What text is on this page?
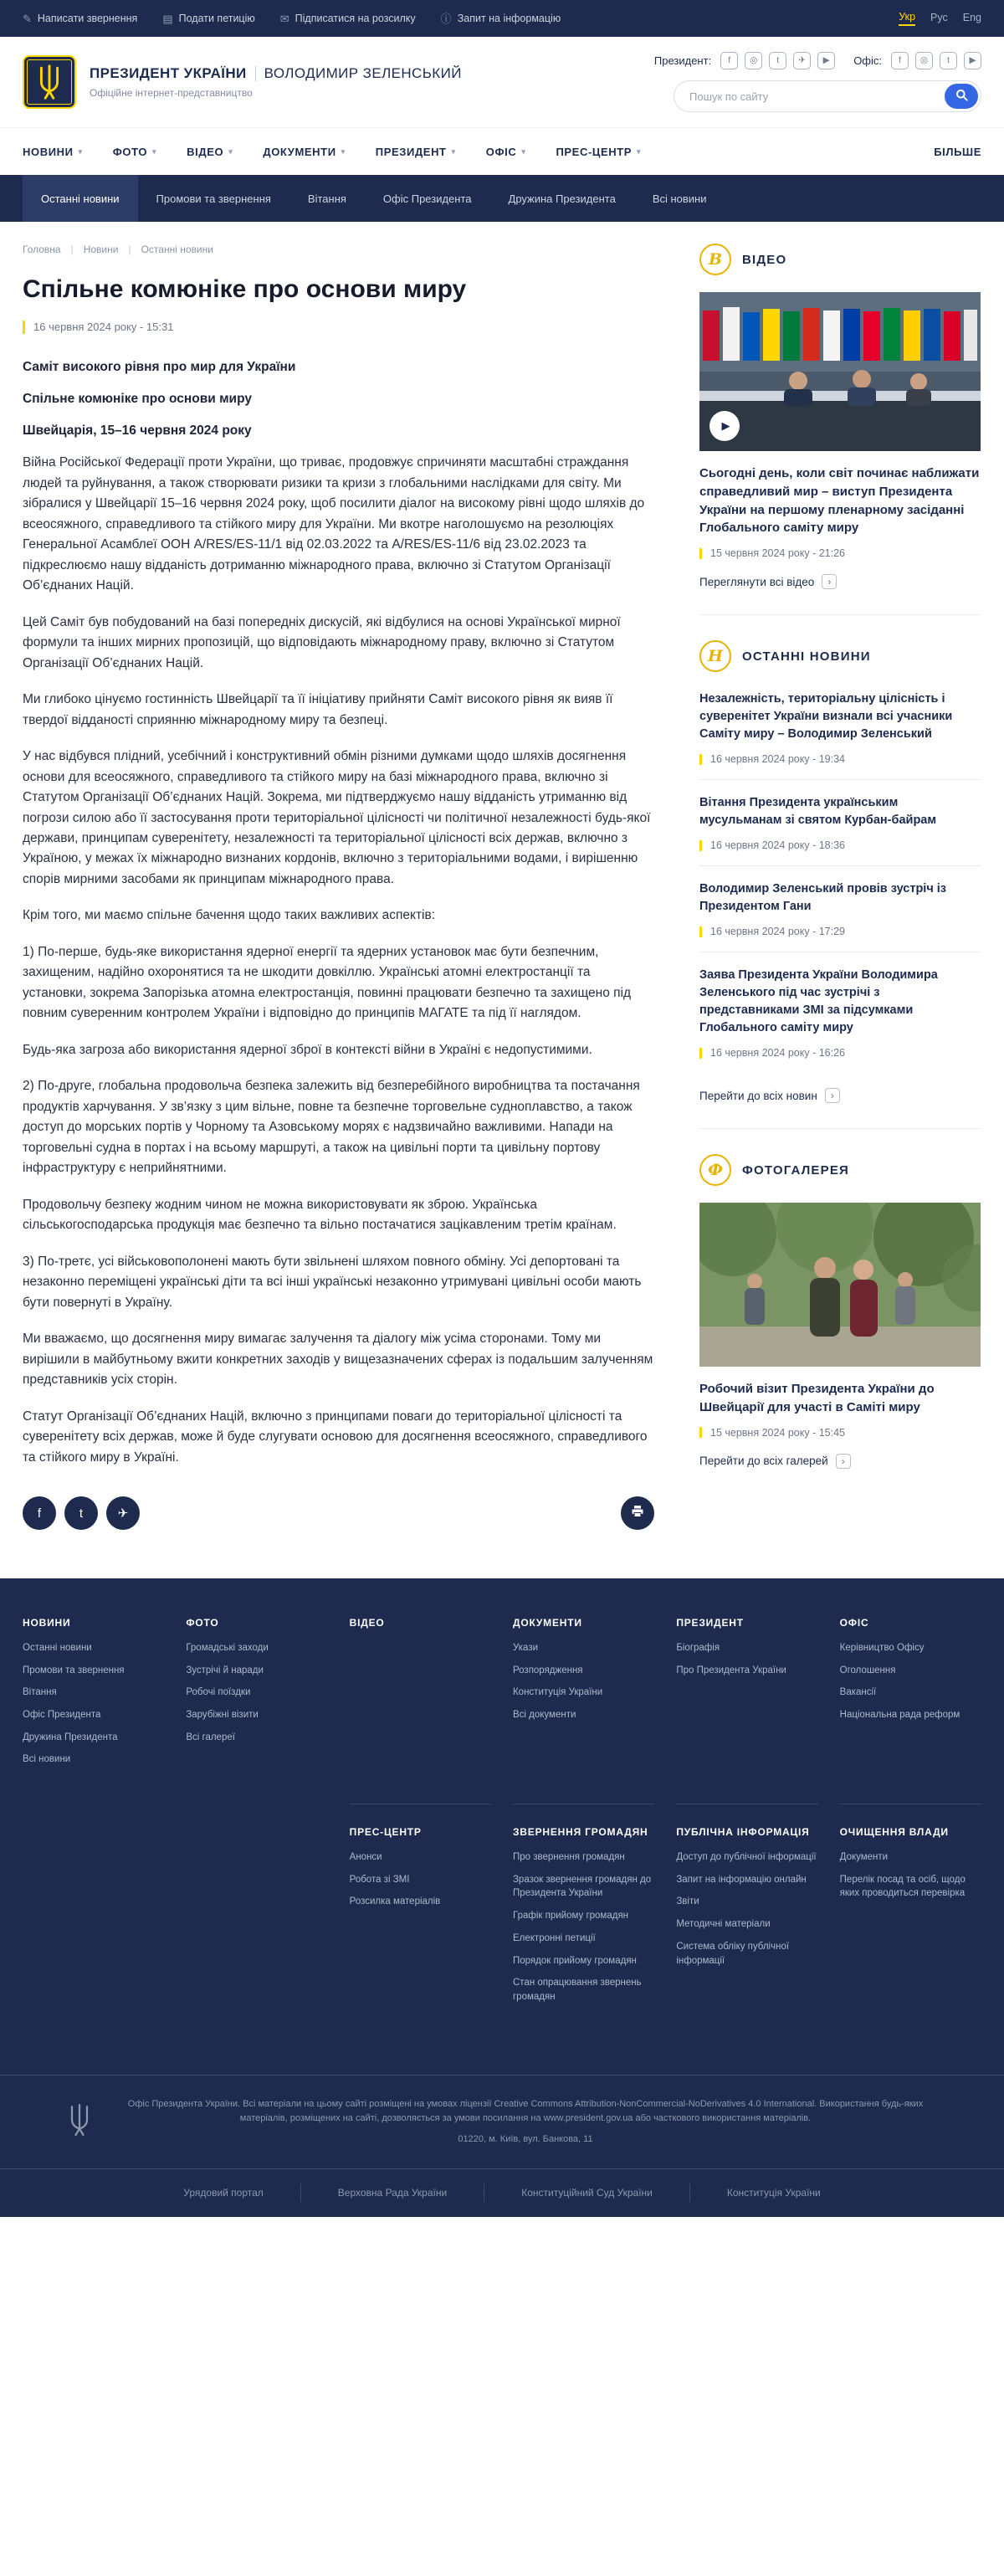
✎ Написати звернення ▤ Подати петицію ✉ Підписатися на розсилку ⓘ Запит на інформацію	Укр Рус Eng
ПРЕЗИДЕНТ УКРАЇНИ ВОЛОДИМИР ЗЕЛЕНСЬКИЙ
Офіційне інтернет-представництво
Президент:	f	◎	t	✈	▶	Офіс:	f	◎	t	▶
Пошук по сайту
НОВИНИ ▾	ФОТО ▾	ВІДЕО ▾	ДОКУМЕНТИ ▾	ПРЕЗИДЕНТ ▾	ОФІС ▾	ПРЕС-ЦЕНТР ▾	БІЛЬШЕ
Останні новини	Промови та звернення	Вітання	Офіс Президента	Дружина Президента	Всі новини
Головна | Новини | Останні новини
Спільне комюніке про основи миру
16 червня 2024 року - 15:31

Саміт високого рівня про мир для України

Спільне комюніке про основи миру

Швейцарія, 15–16 червня 2024 року

Війна Російської Федерації проти України, що триває, продовжує спричиняти масштабні страждання людей та руйнування, а також створювати ризики та кризи з глобальними наслідками для світу. Ми зібралися у Швейцарії 15–16 червня 2024 року, щоб посилити діалог на високому рівні щодо шляхів до всеосяжного, справедливого та стійкого миру для України. Ми вкотре наголошуємо на резолюціях Генеральної Асамблеї ООН A/RES/ES-11/1 від 02.03.2022 та A/RES/ES-11/6 від 23.02.2023 та підкреслюємо нашу відданість дотриманню міжнародного права, включно зі Статутом Організації Об’єднаних Націй.

Цей Саміт був побудований на базі попередніх дискусій, які відбулися на основі Української мирної формули та інших мирних пропозицій, що відповідають міжнародному праву, включно зі Статутом Організації Об’єднаних Націй.

Ми глибоко цінуємо гостинність Швейцарії та її ініціативу прийняти Саміт високого рівня як вияв її твердої відданості сприянню міжнародному миру та безпеці.

У нас відбувся плідний, усебічний і конструктивний обмін різними думками щодо шляхів досягнення основи для всеосяжного, справедливого та стійкого миру на базі міжнародного права, включно зі Статутом Організації Об’єднаних Націй. Зокрема, ми підтверджуємо нашу відданість утриманню від погрози силою або її застосування проти територіальної цілісності чи політичної незалежності будь-якої держави, принципам суверенітету, незалежності та територіальної цілісності всіх держав, включно з Україною, у межах їх міжнародно визнаних кордонів, включно з територіальними водами, і вирішенню спорів мирними засобами як принципам міжнародного права.

Крім того, ми маємо спільне бачення щодо таких важливих аспектів:

1) По-перше, будь-яке використання ядерної енергії та ядерних установок має бути безпечним, захищеним, надійно охоронятися та не шкодити довкіллю. Українські атомні електростанції та установки, зокрема Запорізька атомна електростанція, повинні працювати безпечно та захищено під повним суверенним контролем України і відповідно до принципів МАГАТЕ та під її наглядом.

Будь-яка загроза або використання ядерної зброї в контексті війни в Україні є недопустимими.

2) По-друге, глобальна продовольча безпека залежить від безперебійного виробництва та постачання продуктів харчування. У зв’язку з цим вільне, повне та безпечне торговельне судноплавство, а також доступ до морських портів у Чорному та Азовському морях є надзвичайно важливими. Напади на торговельні судна в портах і на всьому маршруті, а також на цивільні порти та цивільну портову інфраструктуру є неприйнятними.

Продовольчу безпеку жодним чином не можна використовувати як зброю. Українська сільськогосподарська продукція має безпечно та вільно постачатися зацікавленим третім країнам.

3) По-третє, усі військовополонені мають бути звільнені шляхом повного обміну. Усі депортовані та незаконно переміщені українські діти та всі інші українські незаконно утримувані цивільні особи мають бути повернуті в Україну.

Ми вважаємо, що досягнення миру вимагає залучення та діалогу між усіма сторонами. Тому ми вирішили в майбутньому вжити конкретних заходів у вищезазначених сферах із подальшим залученням представників усіх сторін.

Статут Організації Об’єднаних Націй, включно з принципами поваги до територіальної цілісності та суверенітету всіх держав, може й буде слугувати основою для досягнення всеосяжного, справедливого та стійкого миру в Україні.

f	t	✈
В	ВІДЕО
▶
Сьогодні день, коли світ починає наближати справедливий мир – виступ Президента України на першому пленарному засіданні Глобального саміту миру
15 червня 2024 року - 21:26
Переглянути всі відео	›
Н	ОСТАННІ НОВИНИ
Незалежність, територіальну цілісність і суверенітет України визнали всі учасники Саміту миру – Володимир Зеленський
16 червня 2024 року - 19:34
Вітання Президента українським мусульманам зі святом Курбан-байрам
16 червня 2024 року - 18:36
Володимир Зеленський провів зустріч із Президентом Гани
16 червня 2024 року - 17:29
Заява Президента України Володимира Зеленського під час зустрічі з представниками ЗМІ за підсумками Глобального саміту миру
16 червня 2024 року - 16:26
Перейти до всіх новин	›
Ф	ФОТОГАЛЕРЕЯ
Робочий візит Президента України до Швейцарії для участі в Саміті миру
15 червня 2024 року - 15:45
Перейти до всіх галерей	›
НОВИНИ
Останні новини
Промови та звернення
Вітання
Офіс Президента
Дружина Президента
Всі новини
ФОТО
Громадські заходи
Зустрічі й наради
Робочі поїздки
Зарубіжні візити
Всі галереї
ВІДЕО	ДОКУМЕНТИ
Укази
Розпорядження
Конституція України
Всі документи
ПРЕЗИДЕНТ
Біографія
Про Президента України
ОФІС
Керівництво Офісу
Оголошення
Вакансії
Національна рада реформ
ПРЕС-ЦЕНТР
Анонси
Робота зі ЗМІ
Розсилка матеріалів
ЗВЕРНЕННЯ ГРОМАДЯН
Про звернення громадян
Зразок звернення громадян до Президента України
Графік прийому громадян
Електронні петиції
Порядок прийому громадян
Стан опрацювання звернень громадян
ПУБЛІЧНА ІНФОРМАЦІЯ
Доступ до публічної інформації
Запит на інформацію онлайн
Звіти
Методичні матеріали
Система обліку публічної інформації
ОЧИЩЕННЯ ВЛАДИ
Документи
Перелік посад та осіб, щодо яких проводиться перевірка
Офіс Президента України. Всі матеріали на цьому сайті розміщені на умовах ліцензії Creative Commons Attribution-NonCommercial-NoDerivatives 4.0 International. Використання будь-яких матеріалів, розміщених на сайті, дозволяється за умови посилання на www.president.gov.ua або часткового використання матеріалів.
01220, м. Київ, вул. Банкова, 11
Урядовий портал	Верховна Рада України	Конституційний Суд України	Конституція України
